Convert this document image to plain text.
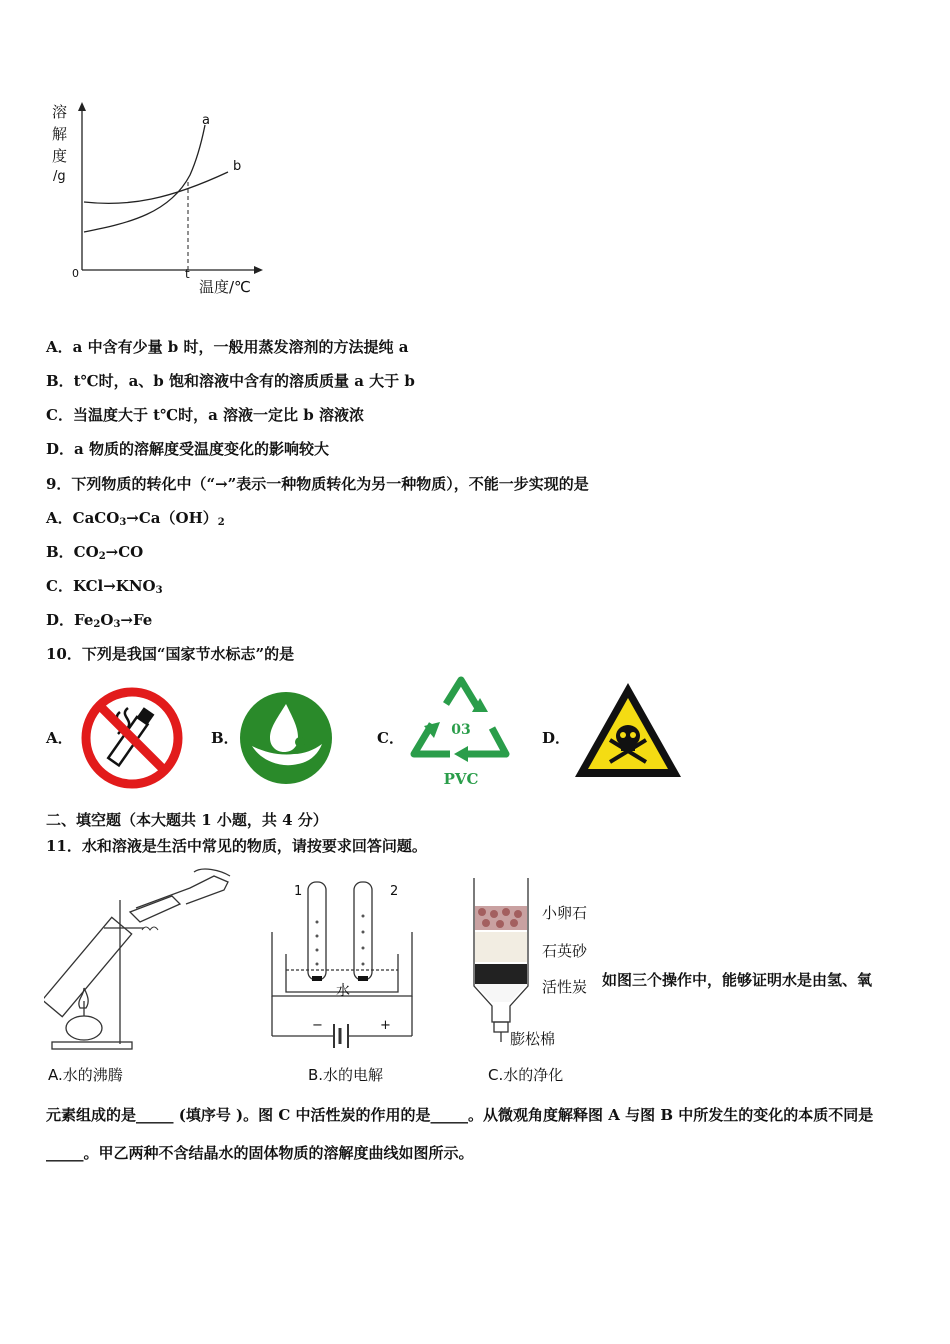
溶
解
度
/g
a
b
0	t
温度/℃
A．a 中含有少量 b 时，一般用蒸发溶剂的方法提纯 a
B．t℃时，a、b 饱和溶液中含有的溶质质量 a 大于 b
C．当温度大于 t℃时，a 溶液一定比 b 溶液浓
D．a 物质的溶解度受温度变化的影响较大
9．下列物质的转化中（“→”表示一种物质转化为另一种物质），不能一步实现的是
A．$CaCO_3\to Ca(OH)_2$
B．$CO_2\to CO$
C．$KCl\to KNO_3$
D．$Fe_2O_3\to Fe$
10．下列是我国“国家节水标志”的是
A．	B．	C．	03
PVC
D．
二、填空题（本大题共 1 小题，共 4 分）
11．水和溶液是生活中常见的物质，请按要求回答问题。
A.水的沸腾
1	2
水
−	+
B.水的电解
小卵石
石英砂
活性炭
膨松棉
C.水的净化
如图三个操作中，能够证明水是由氢、氧
元素组成的是_____ (填序号 )。图 C 中活性炭的作用的是_____。从微观角度解释图 A 与图 B 中所发生的变化的本质不同是_____。甲乙两种不含结晶水的固体物质的溶解度曲线如图所示。
